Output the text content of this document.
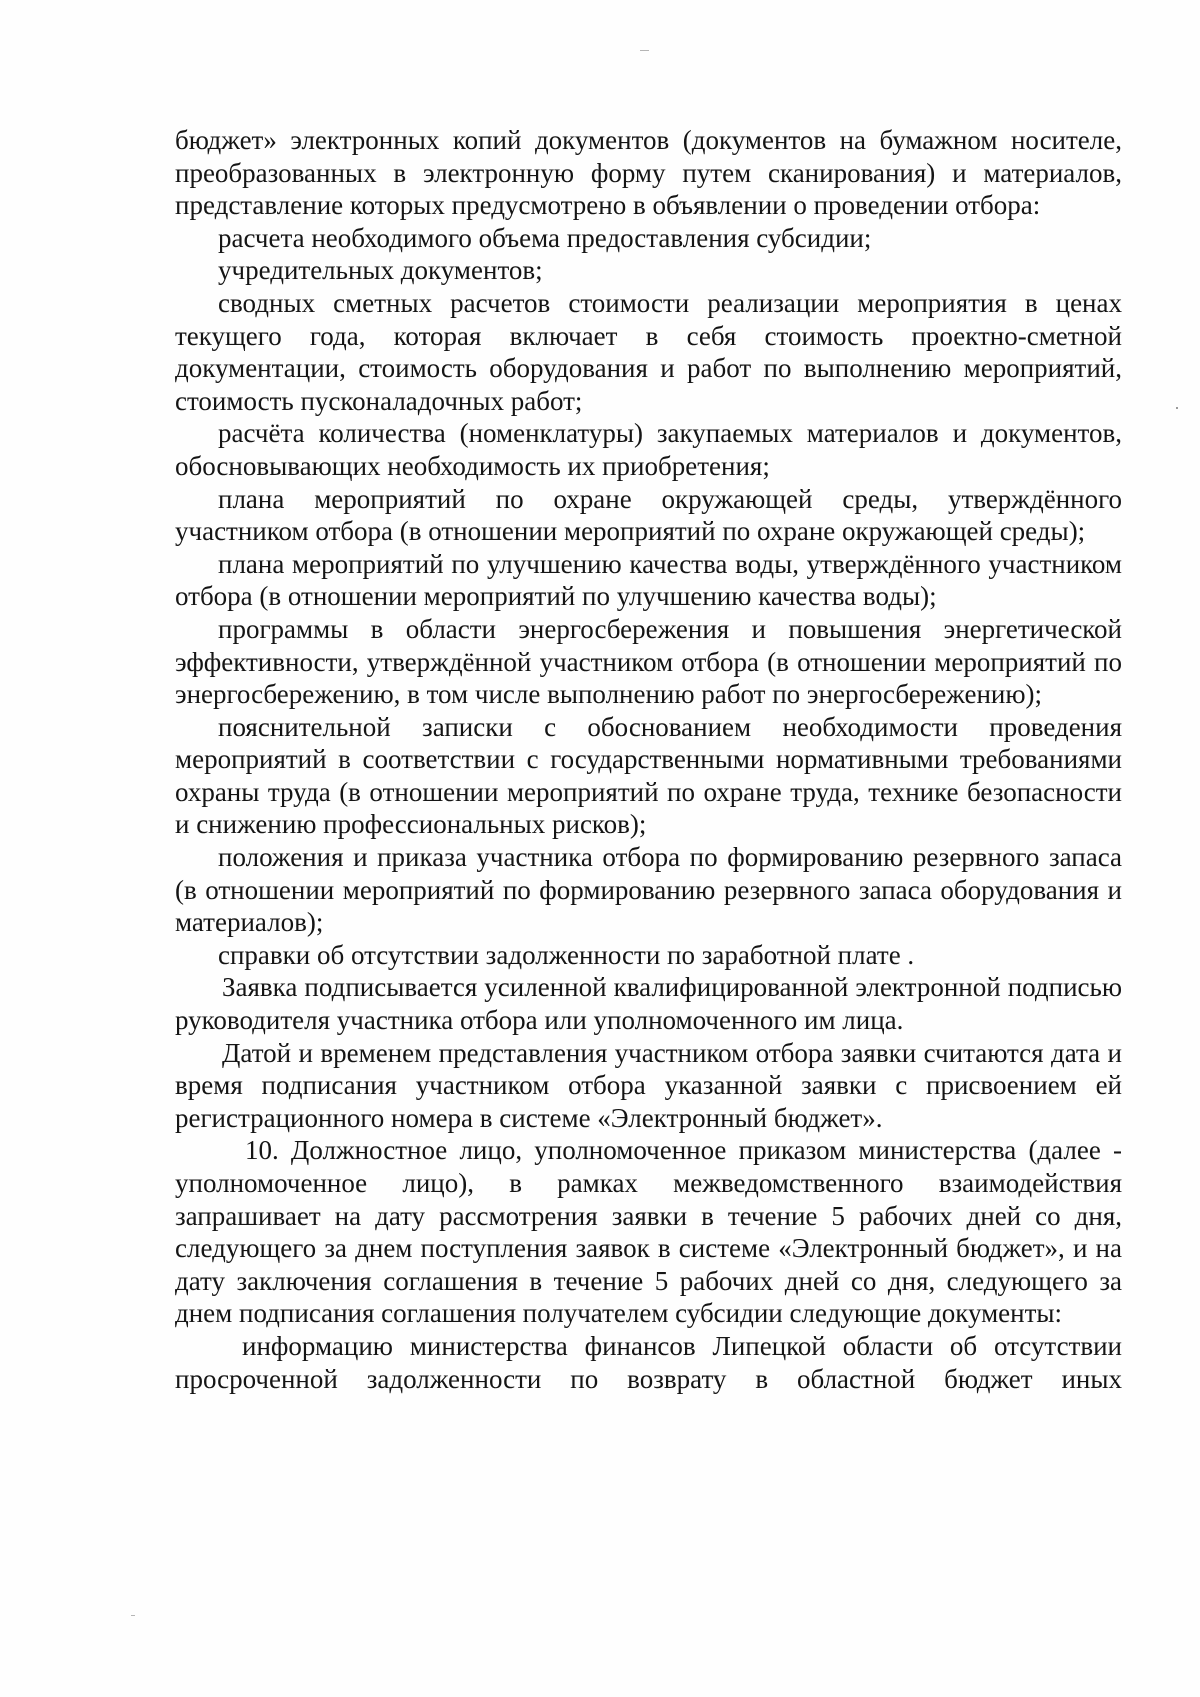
бюджет» электронных копий документов (документов на бумажном носителе, преобразованных в электронную форму путем сканирования) и материалов, представление которых предусмотрено в объявлении о проведении отбора:

расчета необходимого объема предоставления субсидии;

учредительных документов;

сводных сметных расчетов стоимости реализации мероприятия в ценах текущего года, которая включает в себя стоимость проектно-сметной документации, стоимость оборудования и работ по выполнению мероприятий, стоимость пусконаладочных работ;

расчёта количества (номенклатуры) закупаемых материалов и документов, обосновывающих необходимость их приобретения;

плана мероприятий по охране окружающей среды, утверждённого участником отбора (в отношении мероприятий по охране окружающей среды);

плана мероприятий по улучшению качества воды, утверждённого участником отбора (в отношении мероприятий по улучшению качества воды);

программы в области энергосбережения и повышения энергетической эффективности, утверждённой участником отбора (в отношении мероприятий по энергосбережению, в том числе выполнению работ по энергосбережению);

пояснительной записки с обоснованием необходимости проведения мероприятий в соответствии с государственными нормативными требованиями охраны труда (в отношении мероприятий по охране труда, технике безопасности и снижению профессиональных рисков);

положения и приказа участника отбора по формированию резервного запаса (в отношении мероприятий по формированию резервного запаса оборудования и материалов);

справки об отсутствии задолженности по заработной плате .

Заявка подписывается усиленной квалифицированной электронной подписью руководителя участника отбора или уполномоченного им лица.

Датой и временем представления участником отбора заявки считаются дата и время подписания участником отбора указанной заявки с присвоением ей регистрационного номера в системе «Электронный бюджет».

10. Должностное лицо, уполномоченное приказом министерства (далее - уполномоченное лицо), в рамках межведомственного взаимодействия запрашивает на дату рассмотрения заявки в течение 5 рабочих дней со дня, следующего за днем поступления заявок в системе «Электронный бюджет», и на дату заключения соглашения в течение 5 рабочих дней со дня, следующего за днем подписания соглашения получателем субсидии следующие документы:

информацию министерства финансов Липецкой области об отсутствии просроченной задолженности по возврату в областной бюджет иных
